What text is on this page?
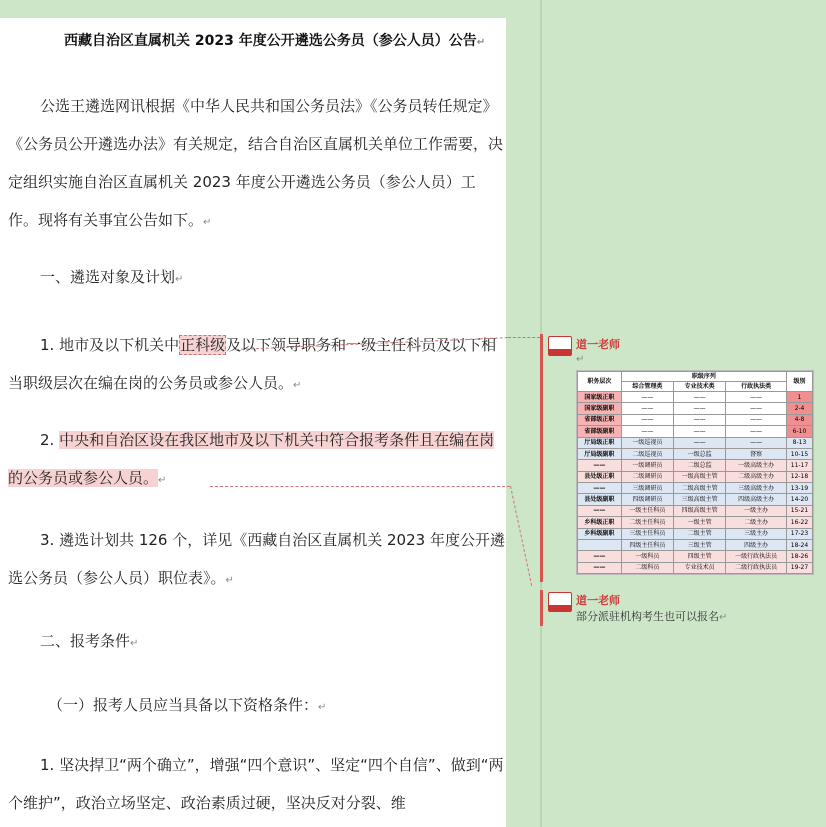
西藏自治区直属机关 2023 年度公开遴选公务员（参公人员）公告↵
公选王遴选网讯根据《中华人民共和国公务员法》《公务员转任规定》《公务员公开遴选办法》有关规定，结合自治区直属机关单位工作需要，决定组织实施自治区直属机关 2023 年度公开遴选公务员（参公人员）工作。现将有关事宜公告如下。↵
一、遴选对象及计划↵
1. 地市及以下机关中正科级及以下领导职务和一级主任科员及以下相当职级层次在编在岗的公务员或参公人员。↵
2. 中央和自治区设在我区地市及以下机关中符合报考条件且在编在岗的公务员或参公人员。↵
3. 遴选计划共 126 个，详见《西藏自治区直属机关 2023 年度公开遴选公务员（参公人员）职位表》。↵
二、报考条件↵
（一）报考人员应当具备以下资格条件：↵
1. 坚决捍卫“两个确立”，增强“四个意识”、坚定“四个自信”、做到“两个维护”，政治立场坚定、政治素质过硬，坚决反对分裂、维
道一老师
↵
职务层次	职级序列			级别
	综合管理类	专业技术类	行政执法类	
国家级正职	——	——	——	1
国家级副职	——	——	——	2-4
省部级正职	——	——	——	4-8
省部级副职	——	——	——	6-10
厅局级正职	一级巡视员	——	——	8-13
厅局级副职	二级巡视员	一级总监	督察	10-15
——	一级调研员	二级总监	一级高级主办	11-17
县处级正职	二级调研员	一级高级主管	二级高级主办	12-18
——	三级调研员	二级高级主管	三级高级主办	13-19
县处级副职	四级调研员	三级高级主管	四级高级主办	14-20
——	一级主任科员	四级高级主管	一级主办	15-21
乡科级正职	二级主任科员	一级主管	二级主办	16-22
乡科级副职	三级主任科员	二级主管	三级主办	17-23
	四级主任科员	三级主管	四级主办	18-24
——	一级科员	四级主管	一级行政执法员	18-26
——	二级科员	专业技术员	二级行政执法员	19-27
道一老师
部分派驻机构考生也可以报名↵
